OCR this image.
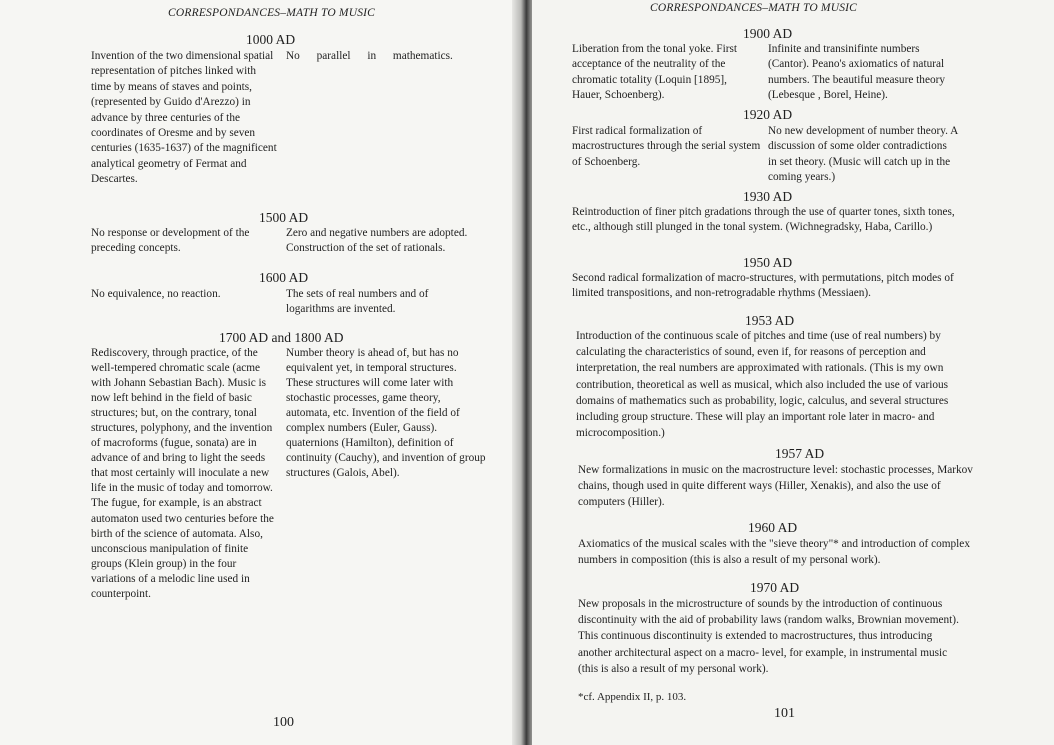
CORRESPONDANCES–MATH TO MUSIC
1000 AD
Invention of the two dimensional spatial representation of pitches linked with time by means of staves and points, (represented by Guido d'Arezzo) in advance by three centuries of the coordinates of Oresme and by seven centuries (1635-1637) of the magnificent analytical geometry of Fermat and Descartes.
No parallel in mathematics.
1500 AD
No response or development of the preceding concepts.
Zero and negative numbers are adopted. Construction of the set of rationals.
1600 AD
No equivalence, no reaction.	The sets of real numbers and of logarithms are invented.
1700 AD and 1800 AD
Rediscovery, through practice, of the well-tempered chromatic scale (acme with Johann Sebastian Bach). Music is now left behind in the field of basic structures; but, on the contrary, tonal structures, polyphony, and the invention of macroforms (fugue, sonata) are in advance of and bring to light the seeds that most certainly will inoculate a new life in the music of today and tomorrow. The fugue, for example, is an abstract automaton used two centuries before the birth of the science of automata. Also, unconscious manipulation of finite groups (Klein group) in the four variations of a melodic line used in counterpoint.
Number theory is ahead of, but has no equivalent yet, in temporal structures. These structures will come later with stochastic processes, game theory, automata, etc. Invention of the field of complex numbers (Euler, Gauss). quaternions (Hamilton), definition of continuity (Cauchy), and invention of group structures (Galois, Abel).
100
CORRESPONDANCES–MATH TO MUSIC
1900 AD
Liberation from the tonal yoke. First acceptance of the neutrality of the chromatic totality (Loquin [1895], Hauer, Schoenberg).
Infinite and transinifinte numbers (Cantor). Peano's axiomatics of natural numbers. The beautiful measure theory (Lebesque , Borel, Heine).
1920 AD
First radical formalization of macrostructures through the serial system of Schoenberg.
No new development of number theory. A discussion of some older contradictions in set theory. (Music will catch up in the coming years.)
1930 AD
Reintroduction of finer pitch gradations through the use of quarter tones, sixth tones, etc., although still plunged in the tonal system. (Wichnegradsky, Haba, Carillo.)
1950 AD
Second radical formalization of macro-structures, with permutations, pitch modes of limited transpositions, and non-retrogradable rhythms (Messiaen).
1953 AD
Introduction of the continuous scale of pitches and time (use of real numbers) by calculating the characteristics of sound, even if, for reasons of perception and interpretation, the real numbers are approximated with rationals. (This is my own contribution, theoretical as well as musical, which also included the use of various domains of mathematics such as probability, logic, calculus, and several structures including group structure. These will play an important role later in macro- and microcomposition.)
1957 AD
New formalizations in music on the macrostructure level: stochastic processes, Markov chains, though used in quite different ways (Hiller, Xenakis), and also the use of computers (Hiller).
1960 AD
Axiomatics of the musical scales with the "sieve theory"* and introduction of complex numbers in composition (this is also a result of my personal work).
1970 AD
New proposals in the microstructure of sounds by the introduction of continuous discontinuity with the aid of probability laws (random walks, Brownian movement). This continuous discontinuity is extended to macrostructures, thus introducing another architectural aspect on a macro- level, for example, in instrumental music (this is also a result of my personal work).
*cf. Appendix II, p. 103.
101
